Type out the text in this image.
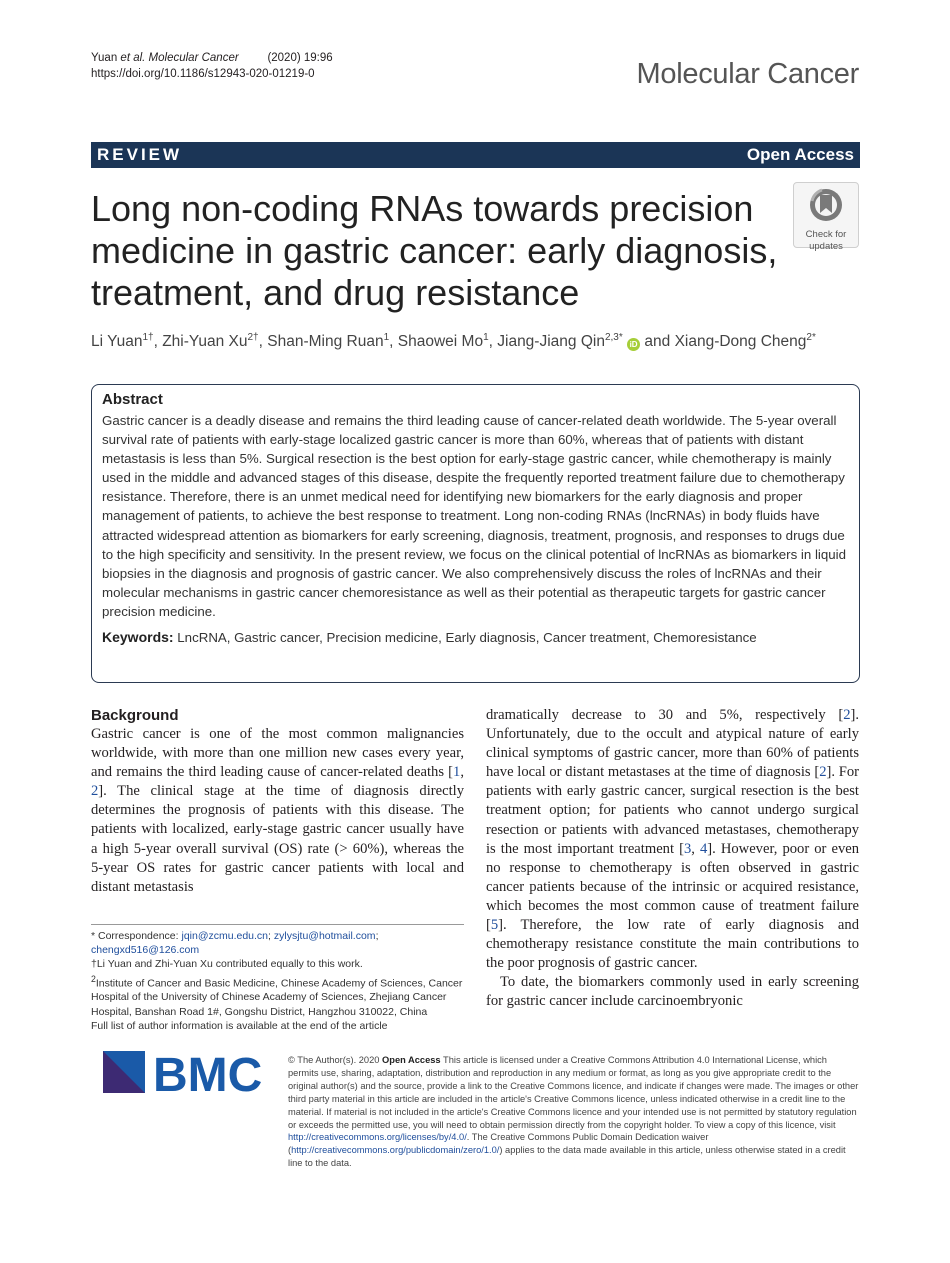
Yuan et al. Molecular Cancer	(2020) 19:96
https://doi.org/10.1186/s12943-020-01219-0	Molecular Cancer
REVIEW	Open Access
Long non-coding RNAs towards precision medicine in gastric cancer: early diagnosis, treatment, and drug resistance
Check for
updates
Li Yuan$^{1\dagger}$, Zhi-Yuan $Xu^{2\dagger}$, Shan-Ming Ruan$^1$, Shaowei Mo$^1$, Jiang-Jiang Qin$^{2,3*}$ iD and Xiang-Dong Cheng$^{2*}$
Abstract
Gastric cancer is a deadly disease and remains the third leading cause of cancer-related death worldwide. The 5-year overall survival rate of patients with early-stage localized gastric cancer is more than 60%, whereas that of patients with distant metastasis is less than 5%. Surgical resection is the best option for early-stage gastric cancer, while chemotherapy is mainly used in the middle and advanced stages of this disease, despite the frequently reported treatment failure due to chemotherapy resistance. Therefore, there is an unmet medical need for identifying new biomarkers for the early diagnosis and proper management of patients, to achieve the best response to treatment. Long non-coding RNAs (lncRNAs) in body fluids have attracted widespread attention as biomarkers for early screening, diagnosis, treatment, prognosis, and responses to drugs due to the high specificity and sensitivity. In the present review, we focus on the clinical potential of lncRNAs as biomarkers in liquid biopsies in the diagnosis and prognosis of gastric cancer. We also comprehensively discuss the roles of lncRNAs and their molecular mechanisms in gastric cancer chemoresistance as well as their potential as therapeutic targets for gastric cancer precision medicine.
Keywords: LncRNA, Gastric cancer, Precision medicine, Early diagnosis, Cancer treatment, Chemoresistance
Background

Gastric cancer is one of the most common malignancies worldwide, with more than one million new cases every year, and remains the third leading cause of cancer-related deaths [1, 2]. The clinical stage at the time of diagnosis directly determines the prognosis of patients with this disease. The patients with localized, early-stage gastric cancer usually have a high 5-year overall survival (OS) rate (> 60%), whereas the 5-year OS rates for gastric cancer patients with local and distant metastasis

dramatically decrease to 30 and 5%, respectively [2]. Unfortunately, due to the occult and atypical nature of early clinical symptoms of gastric cancer, more than 60% of patients have local or distant metastases at the time of diagnosis [2]. For patients with early gastric cancer, surgical resection is the best treatment option; for patients who cannot undergo surgical resection or patients with advanced metastases, chemotherapy is the most important treatment [3, 4]. However, poor or even no response to chemotherapy is often observed in gastric cancer patients because of the intrinsic or acquired resistance, which becomes the most common cause of treatment failure [5]. Therefore, the low rate of early diagnosis and chemotherapy resistance constitute the main contributions to the poor prognosis of gastric cancer.

To date, the biomarkers commonly used in early screening for gastric cancer include carcinoembryonic

* Correspondence: jqin@zcmu.edu.cn; zylysjtu@hotmail.com;
chengxd516@126.com
†Li Yuan and Zhi-Yuan Xu contributed equally to this work.
$^2$Institute of Cancer and Basic Medicine, Chinese Academy of Sciences, Cancer Hospital of the University of Chinese Academy of Sciences, Zhejiang Cancer Hospital, Banshan Road 1#, Gongshu District, Hangzhou 310022, China
Full list of author information is available at the end of the article
BMC	© The Author(s). 2020 Open Access This article is licensed under a Creative Commons Attribution 4.0 International License, which permits use, sharing, adaptation, distribution and reproduction in any medium or format, as long as you give appropriate credit to the original author(s) and the source, provide a link to the Creative Commons licence, and indicate if changes were made. The images or other third party material in this article are included in the article's Creative Commons licence, unless indicated otherwise in a credit line to the material. If material is not included in the article's Creative Commons licence and your intended use is not permitted by statutory regulation or exceeds the permitted use, you will need to obtain permission directly from the copyright holder. To view a copy of this licence, visit http://creativecommons.org/licenses/by/4.0/. The Creative Commons Public Domain Dedication waiver (http://creativecommons.org/publicdomain/zero/1.0/) applies to the data made available in this article, unless otherwise stated in a credit line to the data.
